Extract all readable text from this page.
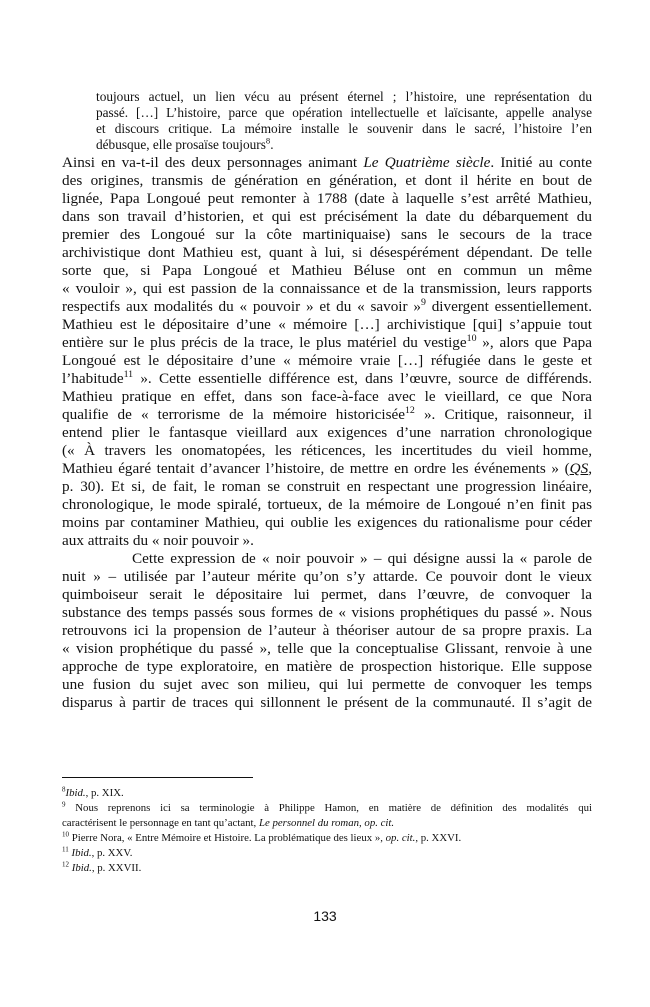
toujours actuel, un lien vécu au présent éternel ; l’histoire, une représentation du
passé. […] L’histoire, parce que opération intellectuelle et laïcisante, appelle analyse
et discours critique. La mémoire installe le souvenir dans le sacré, l’histoire l’en
débusque, elle prosaïse toujours$^8$.
Ainsi en va-t-il des deux personnages animant Le Quatrième siècle. Initié au conte
des origines, transmis de génération en génération, et dont il hérite en bout de
lignée, Papa Longoué peut remonter à 1788 (date à laquelle s’est arrêté Mathieu,
dans son travail d’historien, et qui est précisément la date du débarquement du
premier des Longoué sur la côte martiniquaise) sans le secours de la trace
archivistique dont Mathieu est, quant à lui, si désespérément dépendant. De telle
sorte que, si Papa Longoué et Mathieu Béluse ont en commun un même
« vouloir », qui est passion de la connaissance et de la transmission, leurs rapports
respectifs aux modalités du « pouvoir » et du « savoir »$^9$ divergent essentiellement.
Mathieu est le dépositaire d’une « mémoire […] archivistique [qui] s’appuie tout
entière sur le plus précis de la trace, le plus matériel du vestige$^{10}$ », alors que Papa
Longoué est le dépositaire d’une « mémoire vraie […] réfugiée dans le geste et
l’habitude$^{11}$ ». Cette essentielle différence est, dans l’œuvre, source de différends.
Mathieu pratique en effet, dans son face-à-face avec le vieillard, ce que Nora
qualifie de « terrorisme de la mémoire historicisée$^{12}$ ». Critique, raisonneur, il
entend plier le fantasque vieillard aux exigences d’une narration chronologique
(« À travers les onomatopées, les réticences, les incertitudes du vieil homme,
Mathieu égaré tentait d’avancer l’histoire, de mettre en ordre les événements » (QS,
p. 30). Et si, de fait, le roman se construit en respectant une progression linéaire,
chronologique, le mode spiralé, tortueux, de la mémoire de Longoué n’en finit pas
moins par contaminer Mathieu, qui oublie les exigences du rationalisme pour céder
aux attraits du « noir pouvoir ».
Cette expression de « noir pouvoir » – qui désigne aussi la « parole de
nuit » – utilisée par l’auteur mérite qu’on s’y attarde. Ce pouvoir dont le vieux
quimboiseur serait le dépositaire lui permet, dans l’œuvre, de convoquer la
substance des temps passés sous formes de « visions prophétiques du passé ». Nous
retrouvons ici la propension de l’auteur à théoriser autour de sa propre praxis. La
« vision prophétique du passé », telle que la conceptualise Glissant, renvoie à une
approche de type exploratoire, en matière de prospection historique. Elle suppose
une fusion du sujet avec son milieu, qui lui permette de convoquer les temps
disparus à partir de traces qui sillonnent le présent de la communauté. Il s’agit de
$^8$Ibid., p. XIX.
$^9$ Nous reprenons ici sa terminologie à Philippe Hamon, en matière de définition des modalités qui
caractérisent le personnage en tant qu’actant, Le personnel du roman, op. cit.
$^{10}$ Pierre Nora, « Entre Mémoire et Histoire. La problématique des lieux », op. cit., p. XXVI.
$^{11}$ Ibid., p. XXV.
$^{12}$ Ibid., p. XXVII.
133
